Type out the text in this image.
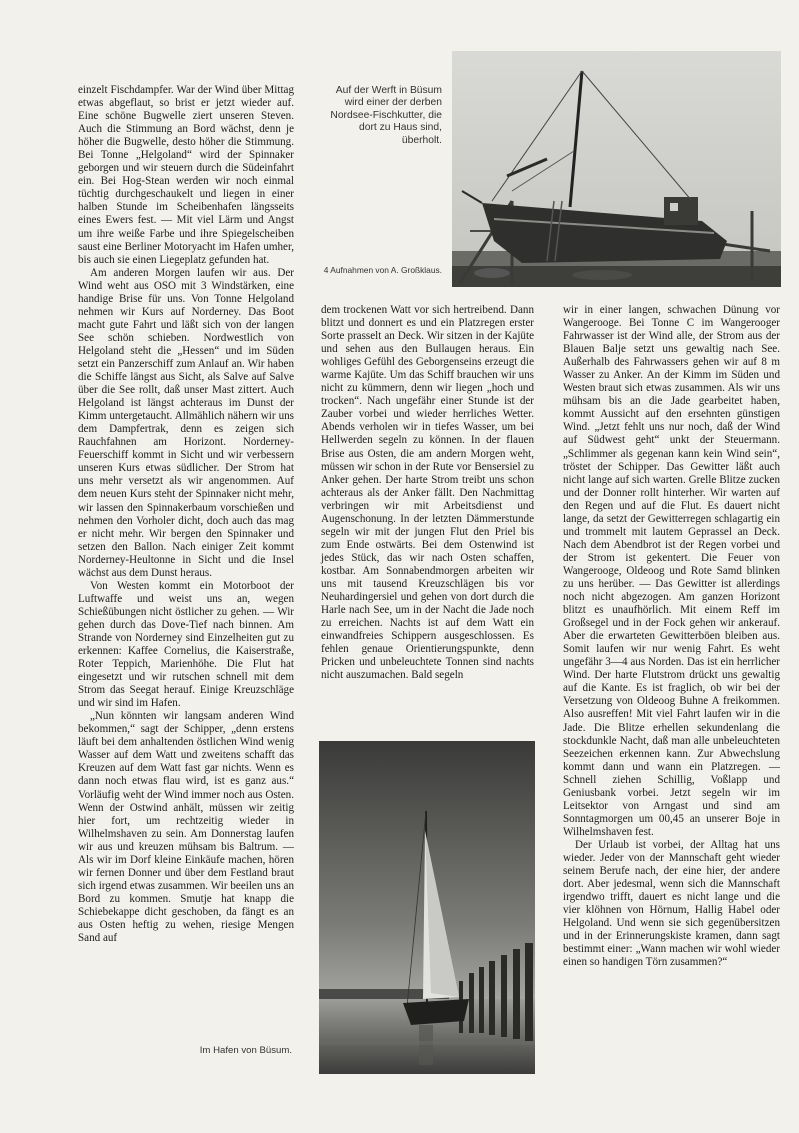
einzelt Fischdampfer. War der Wind über Mittag etwas abgeflaut, so brist er jetzt wieder auf. Eine schöne Bugwelle ziert unseren Steven. Auch die Stimmung an Bord wächst, denn je höher die Bugwelle, desto höher die Stimmung. Bei Tonne „Helgoland“ wird der Spinnaker geborgen und wir steuern durch die Südeinfahrt ein. Bei Hog-Stean werden wir noch einmal tüchtig durchgeschaukelt und liegen in einer halben Stunde im Scheibenhafen längsseits eines Ewers fest. — Mit viel Lärm und Angst um ihre weiße Farbe und ihre Spiegelscheiben saust eine Berliner Motoryacht im Hafen umher, bis auch sie einen Liegeplatz gefunden hat.

Am anderen Morgen laufen wir aus. Der Wind weht aus OSO mit 3 Windstärken, eine handige Brise für uns. Von Tonne Helgoland nehmen wir Kurs auf Norderney. Das Boot macht gute Fahrt und läßt sich von der langen See schön schieben. Nordwestlich von Helgoland steht die „Hessen“ und im Süden setzt ein Panzerschiff zum Anlauf an. Wir haben die Schiffe längst aus Sicht, als Salve auf Salve über die See rollt, daß unser Mast zittert. Auch Helgoland ist längst achteraus im Dunst der Kimm untergetaucht. Allmählich nähern wir uns dem Dampfertrak, denn es zeigen sich Rauchfahnen am Horizont. Norderney-Feuerschiff kommt in Sicht und wir verbessern unseren Kurs etwas südlicher. Der Strom hat uns mehr versetzt als wir angenommen. Auf dem neuen Kurs steht der Spinnaker nicht mehr, wir lassen den Spinnakerbaum vorschießen und nehmen den Vorholer dicht, doch auch das mag er nicht mehr. Wir bergen den Spinnaker und setzen den Ballon. Nach einiger Zeit kommt Norderney-Heultonne in Sicht und die Insel wächst aus dem Dunst heraus.

Von Westen kommt ein Motorboot der Luftwaffe und weist uns an, wegen Schießübungen nicht östlicher zu gehen. — Wir gehen durch das Dove-Tief nach binnen. Am Strande von Norderney sind Einzelheiten gut zu erkennen: Kaffee Cornelius, die Kaiserstraße, Roter Teppich, Marienhöhe. Die Flut hat eingesetzt und wir rutschen schnell mit dem Strom das Seegat herauf. Einige Kreuzschläge und wir sind im Hafen.

„Nun könnten wir langsam anderen Wind bekommen,“ sagt der Schipper, „denn erstens läuft bei dem anhaltenden östlichen Wind wenig Wasser auf dem Watt und zweitens schafft das Kreuzen auf dem Watt fast gar nichts. Wenn es dann noch etwas flau wird, ist es ganz aus.“ Vorläufig weht der Wind immer noch aus Osten. Wenn der Ostwind anhält, müssen wir zeitig hier fort, um rechtzeitig wieder in Wilhelmshaven zu sein. Am Donnerstag laufen wir aus und kreuzen mühsam bis Baltrum. — Als wir im Dorf kleine Einkäufe machen, hören wir fernen Donner und über dem Festland braut sich irgend etwas zusammen. Wir beeilen uns an Bord zu kommen. Smutje hat knapp die Schiebekappe dicht geschoben, da fängt es an aus Osten heftig zu wehen, riesige Mengen Sand auf

Auf der Werft in Büsum wird einer der derben Nordsee-Fischkutter, die dort zu Haus sind, überholt.
4 Aufnahmen von A. Großklaus.

dem trockenen Watt vor sich hertreibend. Dann blitzt und donnert es und ein Platzregen erster Sorte prasselt an Deck. Wir sitzen in der Kajüte und sehen aus den Bullaugen heraus. Ein wohliges Gefühl des Geborgenseins erzeugt die warme Kajüte. Um das Schiff brauchen wir uns nicht zu kümmern, denn wir liegen „hoch und trocken“. Nach ungefähr einer Stunde ist der Zauber vorbei und wieder herrliches Wetter. Abends verholen wir in tiefes Wasser, um bei Hellwerden segeln zu können. In der flauen Brise aus Osten, die am andern Morgen weht, müssen wir schon in der Rute vor Bensersiel zu Anker gehen. Der harte Strom treibt uns schon achteraus als der Anker fällt. Den Nachmittag verbringen wir mit Arbeitsdienst und Augenschonung. In der letzten Dämmerstunde segeln wir mit der jungen Flut den Priel bis zum Ende ostwärts. Bei dem Ostenwind ist jedes Stück, das wir nach Osten schaffen, kostbar. Am Sonnabendmorgen arbeiten wir uns mit tausend Kreuzschlägen bis vor Neuhardingersiel und gehen von dort durch die Harle nach See, um in der Nacht die Jade noch zu erreichen. Nachts ist auf dem Watt ein einwandfreies Schippern ausgeschlossen. Es fehlen genaue Orientierungspunkte, denn Pricken und unbeleuchtete Tonnen sind nachts nicht auszumachen. Bald segeln

Im Hafen von Büsum.

wir in einer langen, schwachen Dünung vor Wangerooge. Bei Tonne C im Wangerooger Fahrwasser ist der Wind alle, der Strom aus der Blauen Balje setzt uns gewaltig nach See. Außerhalb des Fahrwassers gehen wir auf 8 m Wasser zu Anker. An der Kimm im Süden und Westen braut sich etwas zusammen. Als wir uns mühsam bis an die Jade gearbeitet haben, kommt Aussicht auf den ersehnten günstigen Wind. „Jetzt fehlt uns nur noch, daß der Wind auf Südwest geht“ unkt der Steuermann. „Schlimmer als gegenan kann kein Wind sein“, tröstet der Schipper. Das Gewitter läßt auch nicht lange auf sich warten. Grelle Blitze zucken und der Donner rollt hinterher. Wir warten auf den Regen und auf die Flut. Es dauert nicht lange, da setzt der Gewitterregen schlagartig ein und trommelt mit lautem Geprassel an Deck. Nach dem Abendbrot ist der Regen vorbei und der Strom ist gekentert. Die Feuer von Wangerooge, Oldeoog und Rote Samd blinken zu uns herüber. — Das Gewitter ist allerdings noch nicht abgezogen. Am ganzen Horizont blitzt es unaufhörlich. Mit einem Reff im Großsegel und in der Fock gehen wir ankerauf. Aber die erwarteten Gewitterböen bleiben aus. Somit laufen wir nur wenig Fahrt. Es weht ungefähr 3—4 aus Norden. Das ist ein herrlicher Wind. Der harte Flutstrom drückt uns gewaltig auf die Kante. Es ist fraglich, ob wir bei der Versetzung von Oldeoog Buhne A freikommen. Also ausreffen! Mit viel Fahrt laufen wir in die Jade. Die Blitze erhellen sekundenlang die stockdunkle Nacht, daß man alle unbeleuchteten Seezeichen erkennen kann. Zur Abwechslung kommt dann und wann ein Platzregen. — Schnell ziehen Schillig, Voßlapp und Geniusbank vorbei. Jetzt segeln wir im Leitsektor von Arngast und sind am Sonntagmorgen um 00,45 an unserer Boje in Wilhelmshaven fest.

Der Urlaub ist vorbei, der Alltag hat uns wieder. Jeder von der Mannschaft geht wieder seinem Berufe nach, der eine hier, der andere dort. Aber jedesmal, wenn sich die Mannschaft irgendwo trifft, dauert es nicht lange und die vier klöhnen von Hörnum, Hallig Habel oder Helgoland. Und wenn sie sich gegenübersitzen und in der Erinnerungskiste kramen, dann sagt bestimmt einer: „Wann machen wir wohl wieder einen so handigen Törn zusammen?“
